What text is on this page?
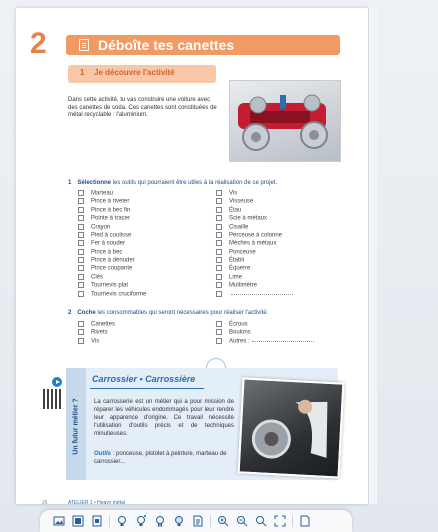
2	Déboîte tes canettes
1 Je découvre l'activité
Dans cette activité, tu vas construire une voiture avec des canettes de soda. Ces canettes sont constituées de métal recyclable : l'aluminium.
1 Sélectionne les outils qui pourraient être utiles à la réalisation de ce projet.
Marteau
Pince à riveter
Pince à bec fin
Pointe à tracer
Crayon
Pied à coulisse
Fer à souder
Pince à bec
Pince à dénuder
Pince coupante
Clés
Tournevis plat
Tournevis cruciforme
Vis
Visseuse
Étau
Scie à métaux
Cisaille
Perceuse à colonne
Mèches à métaux
Ponceuse
Établi
Équerre
Lime
Multimètre
2 Coche les consommables qui seront nécessaires pour réaliser l'activité.
Canettes
Rivets
Vis
Écrous
Boulons
Autres :
Un futur métier ?
Carrossier • Carrossière
La carrosserie est un métier qui a pour mission de réparer les véhicules endommagés pour leur rendre leur apparence d'origine. Ce travail nécessite l'utilisation d'outils précis et de techniques minutieuses.
Outils : ponceuse, pistolet à peinture, marteau de carrossier...
26	ATELIER 1 • Heavy métal
